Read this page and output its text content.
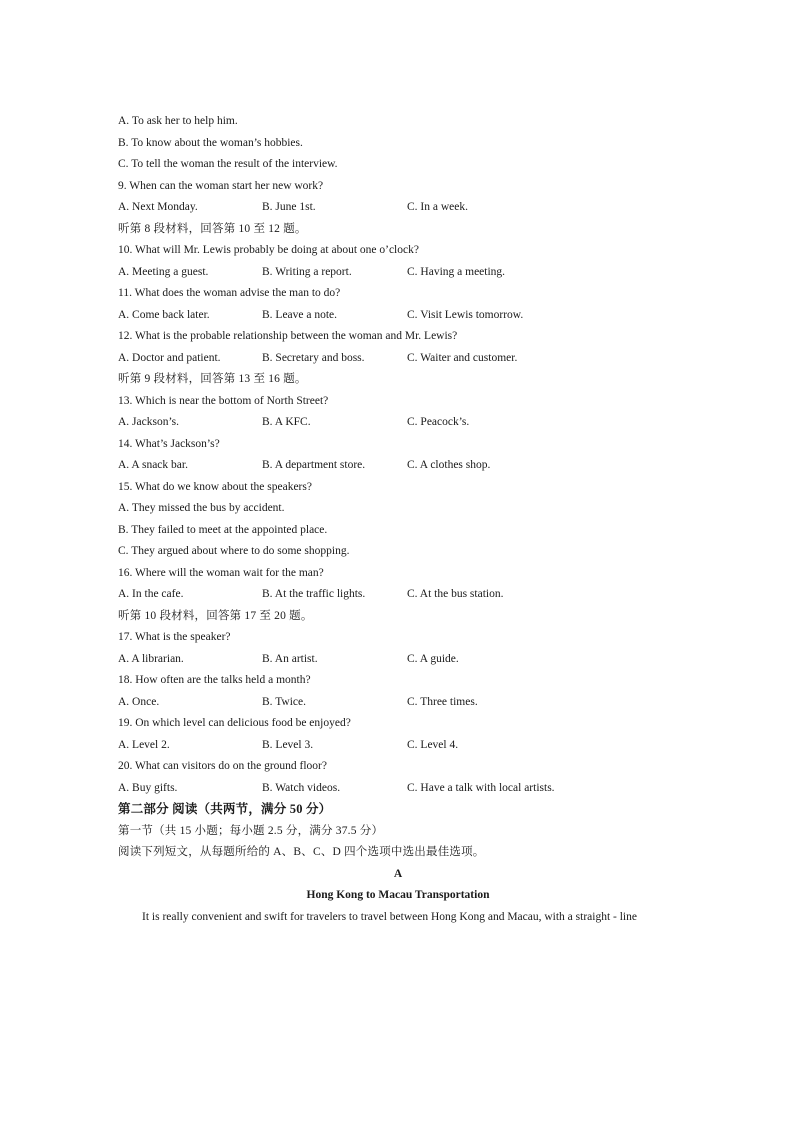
A. To ask her to help him.
B. To know about the woman’s hobbies.
C. To tell the woman the result of the interview.
9. When can the woman start her new work?
A. Next Monday.	B. June 1st.	C. In a week.
听第 8 段材料，回答第 10 至 12 题。
10. What will Mr. Lewis probably be doing at about one o’clock?
A. Meeting a guest.	B. Writing a report.	C. Having a meeting.
11. What does the woman advise the man to do?
A. Come back later.	B. Leave a note.	C. Visit Lewis tomorrow.
12. What is the probable relationship between the woman and Mr. Lewis?
A. Doctor and patient.	B. Secretary and boss.	C. Waiter and customer.
听第 9 段材料，回答第 13 至 16 题。
13. Which is near the bottom of North Street?
A. Jackson’s.	B. A KFC.	C. Peacock’s.
14. What’s Jackson’s?
A. A snack bar.	B. A department store.	C. A clothes shop.
15. What do we know about the speakers?
A. They missed the bus by accident.
B. They failed to meet at the appointed place.
C. They argued about where to do some shopping.
16. Where will the woman wait for the man?
A. In the cafe.	B. At the traffic lights.	C. At the bus station.
听第 10 段材料，回答第 17 至 20 题。
17. What is the speaker?
A. A librarian.	B. An artist.	C. A guide.
18. How often are the talks held a month?
A. Once.	B. Twice.	C. Three times.
19. On which level can delicious food be enjoyed?
A. Level 2.	B. Level 3.	C. Level 4.
20. What can visitors do on the ground floor?
A. Buy gifts.	B. Watch videos.	C. Have a talk with local artists.
第二部分 阅读（共两节，满分 50 分）
第一节（共 15 小题；每小题 2.5 分，满分 37.5 分）
阅读下列短文，从每题所给的 A、B、C、D 四个选项中选出最佳选项。
A
Hong Kong to Macau Transportation
It is really convenient and swift for travelers to travel between Hong Kong and Macau, with a straight - line
